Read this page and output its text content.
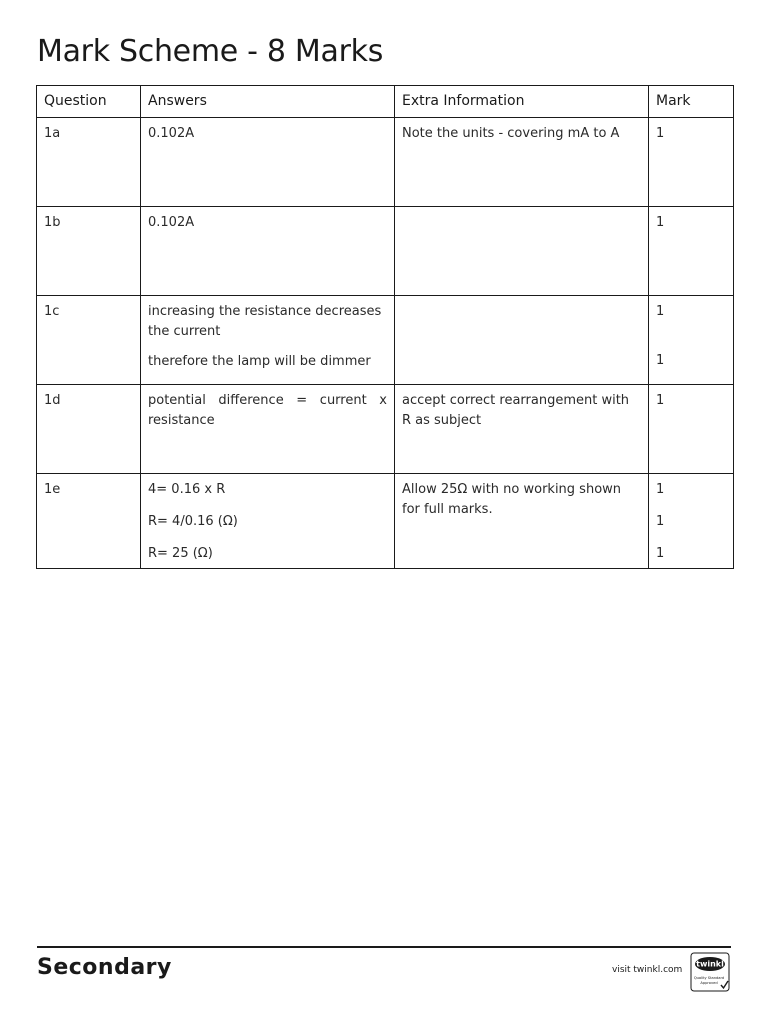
Mark Scheme - 8 Marks
Question	Answers	Extra Information	Mark
1a	0.102A	Note the units - covering mA to A	1

1b	0.102A		1

1c	increasing the resistance decreases the current
therefore the lamp will be dimmer		1
1

1d	potential difference = current x resistance	accept correct rearrangement with R as subject	1

1e	4= 0.16 x R
R= 4/0.16 (Ω)
R= 25 (Ω)	Allow 25Ω with no working shown for full marks.	1
1
1
Secondary	visit twinkl.com
twinkl
Quality Standard
Approved
